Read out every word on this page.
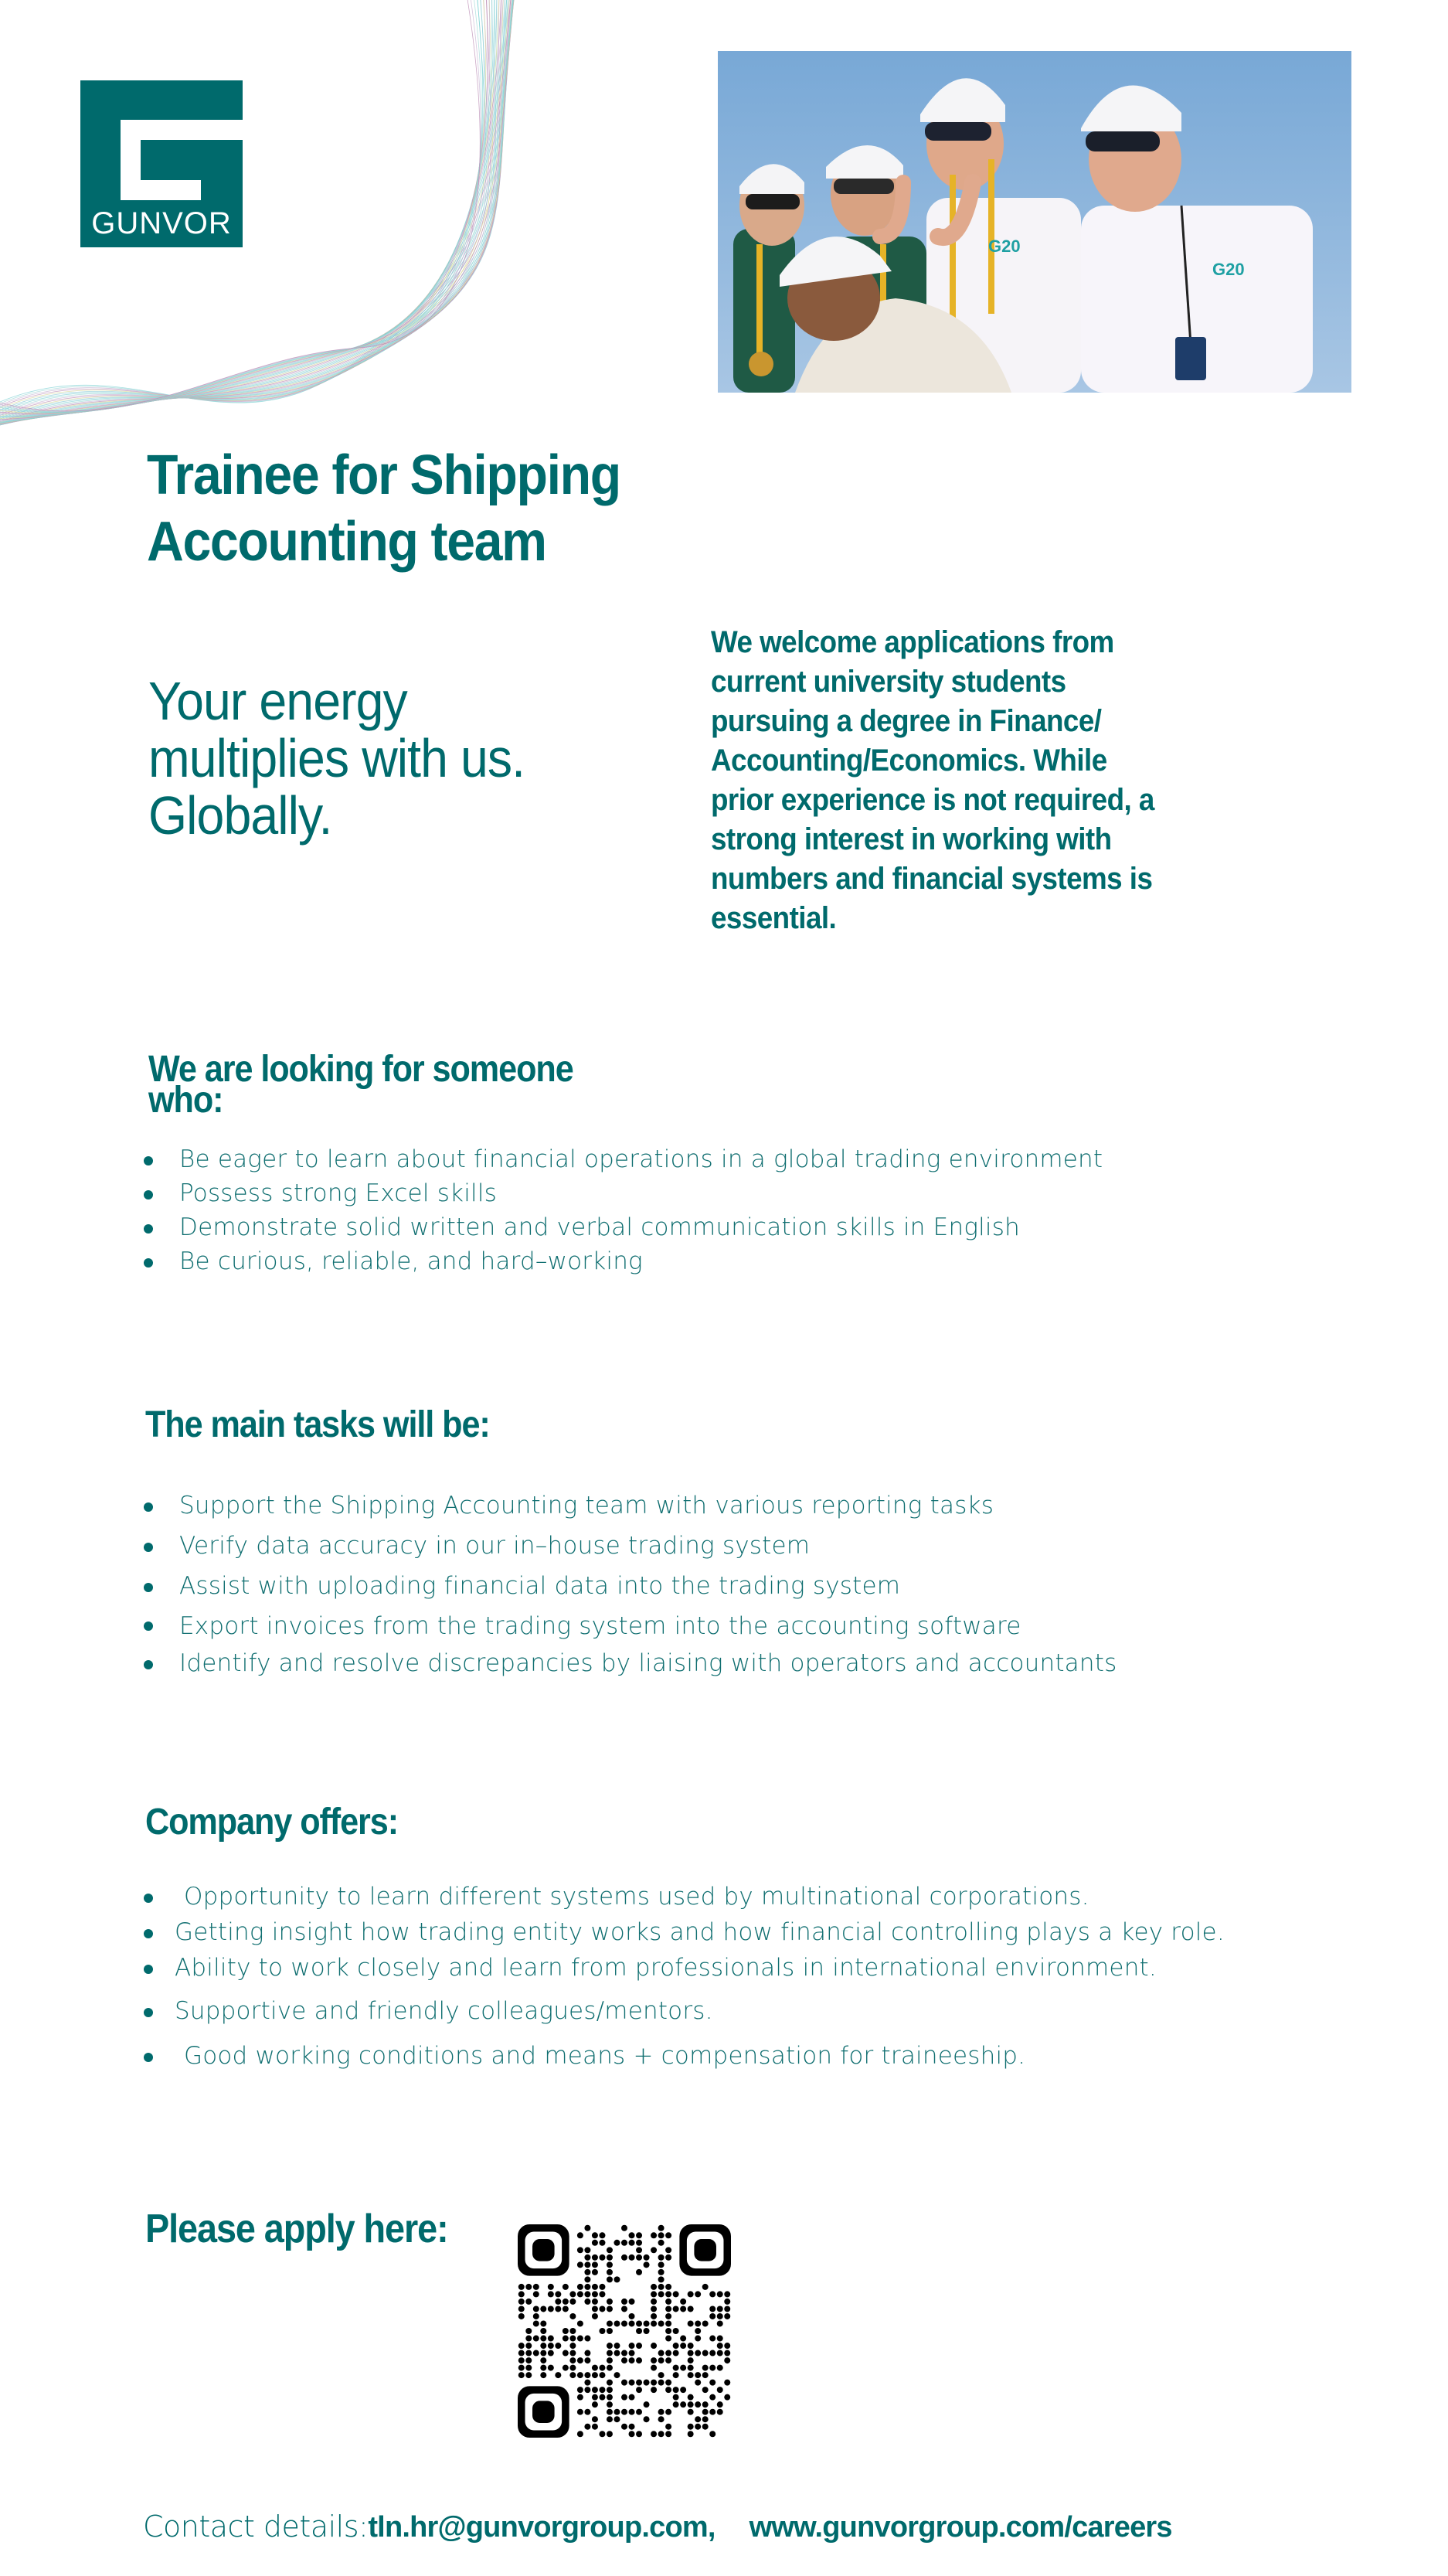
GUNVOR
G20
G20
Trainee for Shipping
Accounting team
Your energy
multiplies with us.
Globally.
We welcome applications from
current university students
pursuing a degree in Finance/
Accounting/Economics. While
prior experience is not required, a
strong interest in working with
numbers and financial systems is
essential.
We are looking for someone
who:
Be eager to learn about financial operations in a global trading environment
Possess strong Excel skills
Demonstrate solid written and verbal communication skills in English
Be curious, reliable, and hard–working
The main tasks will be:
Support the Shipping Accounting team with various reporting tasks
Verify data accuracy in our in–house trading system
Assist with uploading financial data into the trading system
Export invoices from the trading system into the accounting software
Identify and resolve discrepancies by liaising with operators and accountants
Company offers:
Opportunity to learn different systems used by multinational corporations.
Getting insight how trading entity works and how financial controlling plays a key role.
Ability to work closely and learn from professionals in international environment.
Supportive and friendly colleagues/mentors.
Good working conditions and means + compensation for traineeship.
Please apply here:
Contact details:tln.hr@gunvorgroup.com, www.gunvorgroup.com/careers
